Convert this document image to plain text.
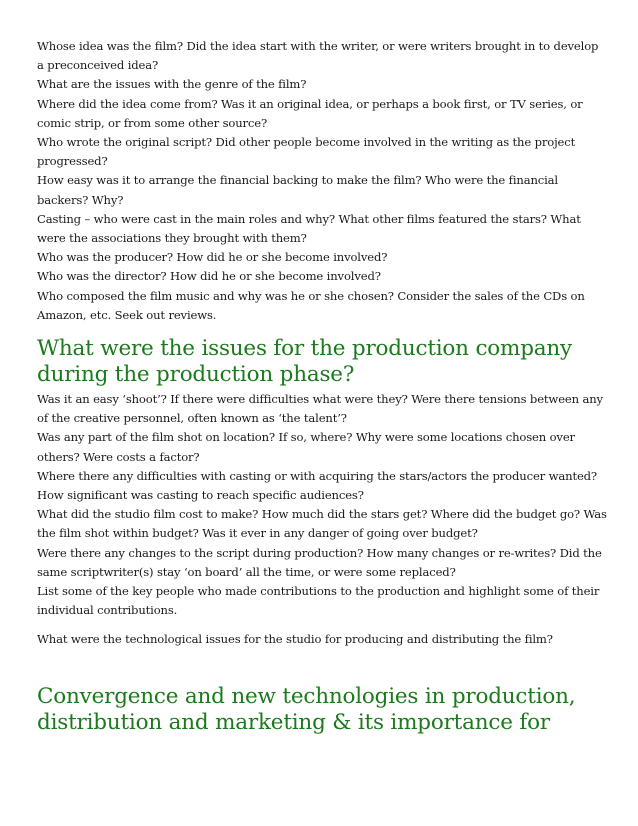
Whose idea was the film? Did the idea start with the writer, or were writers brought in to develop a preconceived idea?

What are the issues with the genre of the film?

Where did the idea come from? Was it an original idea, or perhaps a book first, or TV series, or comic strip, or from some other source?

Who wrote the original script? Did other people become involved in the writing as the project progressed?

How easy was it to arrange the financial backing to make the film? Who were the financial backers? Why?

Casting – who were cast in the main roles and why? What other films featured the stars? What were the associations they brought with them?

Who was the producer? How did he or she become involved?

Who was the director? How did he or she become involved?

Who composed the film music and why was he or she chosen? Consider the sales of the CDs on Amazon, etc. Seek out reviews.

What were the issues for the production company during the production phase?

Was it an easy ‘shoot’? If there were difficulties what were they? Were there tensions between any of the creative personnel, often known as ‘the talent’?

Was any part of the film shot on location? If so, where? Why were some locations chosen over others? Were costs a factor?

Where there any difficulties with casting or with acquiring the stars/actors the producer wanted? How significant was casting to reach specific audiences?

What did the studio film cost to make? How much did the stars get? Where did the budget go? Was the film shot within budget? Was it ever in any danger of going over budget?

Were there any changes to the script during production? How many changes or re-writes? Did the same scriptwriter(s) stay ‘on board’ all the time, or were some replaced?

List some of the key people who made contributions to the production and highlight some of their individual contributions.

What were the technological issues for the studio for producing and distributing the film?

Convergence and new technologies in production, distribution and marketing & its importance for
